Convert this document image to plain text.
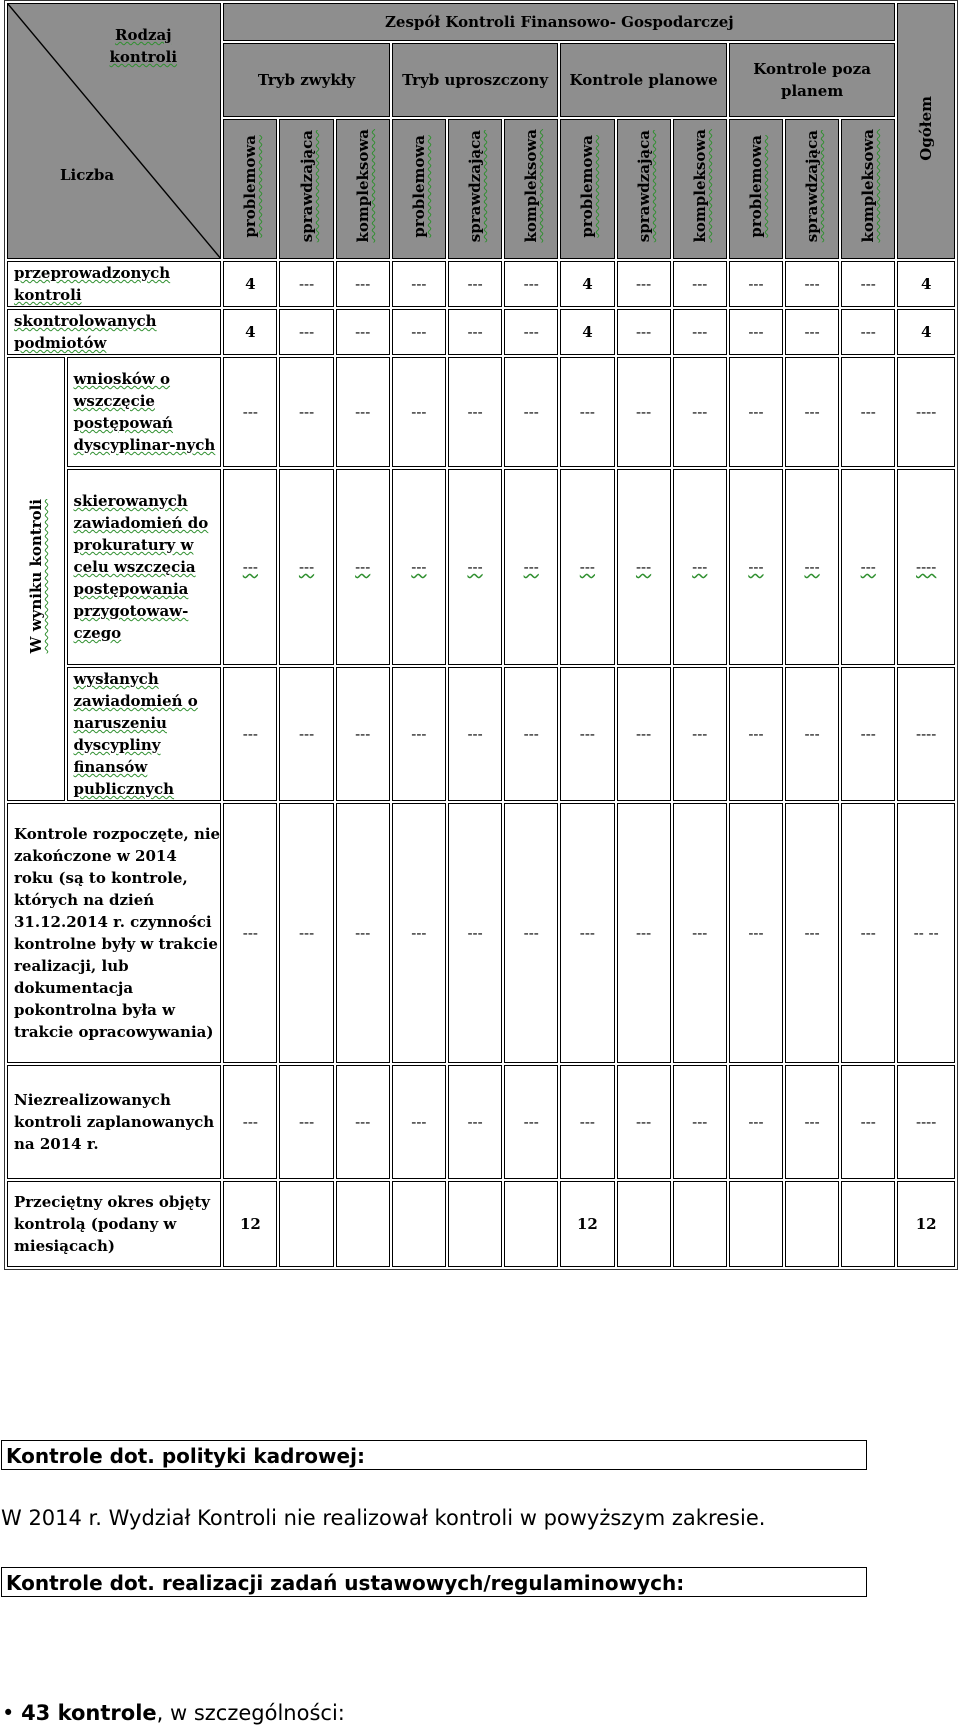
Rodzaj kontroli
Liczba		Zespół Kontroli Finansowo- Gospodarczej												Ogółem
		Tryb zwykły			Tryb uproszczony			Kontrole planowe			Kontrole poza planem			
		problemowa	sprawdzająca	kompleksowa	problemowa	sprawdzająca	kompleksowa	problemowa	sprawdzająca	kompleksowa	problemowa	sprawdzająca	kompleksowa	
przeprowadzonych kontroli		4	---	---	---	---	---	4	---	---	---	---	---	4
skontrolowanych podmiotów		4	---	---	---	---	---	4	---	---	---	---	---	4
W wyniku kontroli	wniosków o wszczęcie postępowań dyscyplinar-nych	---	---	---	---	---	---	---	---	---	---	---	---	----
	skierowanych zawiadomień do prokuratury w celu wszczęcia postępowania przygotowaw-czego	---	---	---	---	---	---	---	---	---	---	---	---	----
	wysłanych zawiadomień o naruszeniu dyscypliny finansów publicznych	---	---	---	---	---	---	---	---	---	---	---	---	----
Kontrole rozpoczęte, nie zakończone w 2014 roku (są to kontrole, których na dzień 31.12.2014 r. czynności kontrolne były w trakcie realizacji, lub dokumentacja pokontrolna była w trakcie opracowywania)		---	---	---	---	---	---	---	---	---	---	---	---	-- --
Niezrealizowanych kontroli zaplanowanych na 2014 r.		---	---	---	---	---	---	---	---	---	---	---	---	----
Przeciętny okres objęty kontrolą (podany w miesiącach)		12						12						12
Kontrole dot. polityki kadrowej:
W 2014 r. Wydział Kontroli nie realizował kontroli w powyższym zakresie.
Kontrole dot. realizacji zadań ustawowych/regulaminowych:
• 43 kontrole, w szczególności:
